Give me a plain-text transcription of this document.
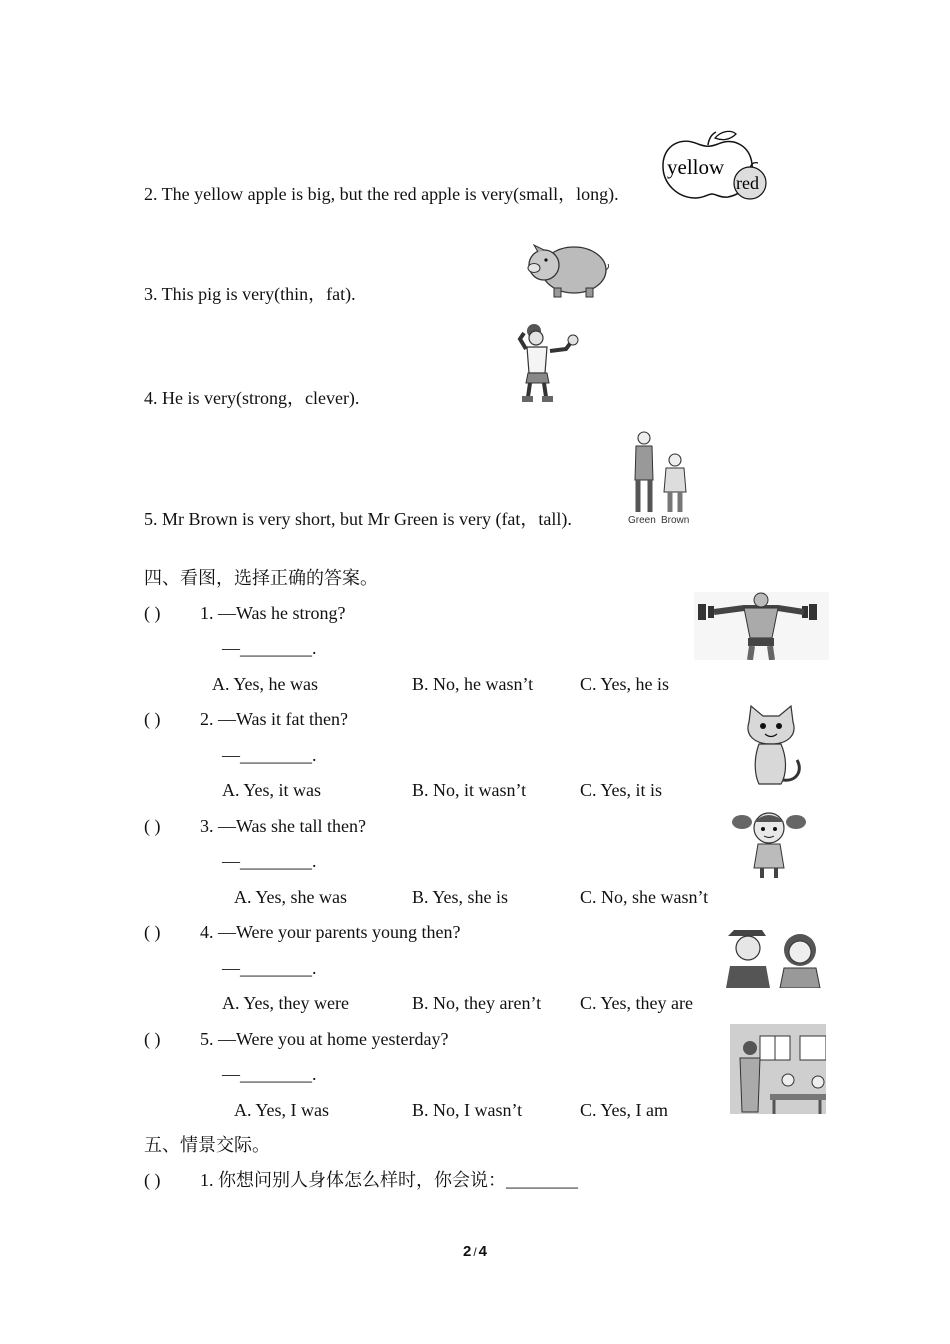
2. The yellow apple is big, but the red apple is very(small，long).
yellow
red
3. This pig is very(thin，fat).
4. He is very(strong，clever).
5. Mr Brown is very short, but Mr Green is very (fat，tall).	Green Brown
四、看图，选择正确的答案。
( ) 1. —Was he strong?
—________.
A. Yes, he was	B. No, he wasn’t	C. Yes, he is
( ) 2. —Was it fat then?
—________.
A. Yes, it was	B. No, it wasn’t	C. Yes, it is
( ) 3. —Was she tall then?
—________.
A. Yes, she was	B. Yes, she is	C. No, she wasn’t
( ) 4. —Were your parents young then?
—________.
A. Yes, they were	B. No, they aren’t C. Yes, they are
( ) 5. —Were you at home yesterday?
—________.
A. Yes, I was	B. No, I wasn’t	C. Yes, I am
五、情景交际。
( ) 1. 你想问别人身体怎么样时，你会说：________
2 / 4
